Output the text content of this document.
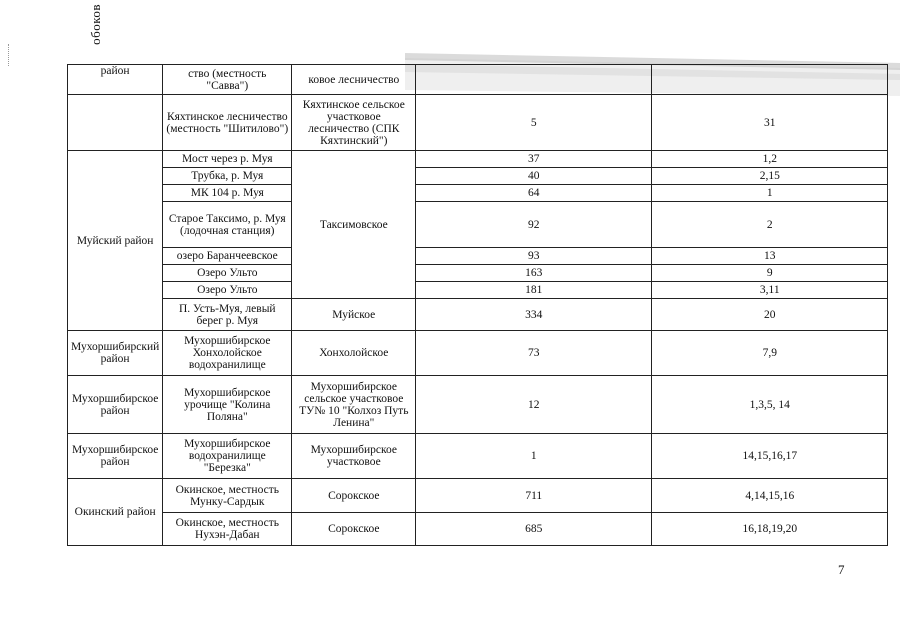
обоков
район	ство (местность "Савва")	ковое лесничество		
	Кяхтинское лесничество (местность "Шитилово")	Кяхтинское сельское участковое лесничество (СПК Кяхтинский")	5	31
Муйский район	Мост через р. Муя	Таксимовское	37	1,2
	Трубка, р. Муя		40	2,15
	МК 104 р. Муя		64	1
	Старое Таксимо, р. Муя (лодочная станция)		92	2
	озеро Баранчеевское		93	13
	Озеро Ульто		163	9
	Озеро Ульто		181	3,11
	П. Усть-Муя, левый берег р. Муя	Муйское	334	20
Мухоршибирский район	Мухоршибирское Хонхолойское водохранилище	Хонхолойское	73	7,9
Мухоршибирское район	Мухоршибирское урочище "Колина Поляна"	Мухоршибирское сельское участковое ТУ№ 10 "Колхоз Путь Ленина"	12	1,3,5, 14
Мухоршибирское район	Мухоршибирское водохранилище "Березка"	Мухоршибирское участковое	1	14,15,16,17
Окинский район	Окинское, местность Мунку-Сардык	Сорокское	711	4,14,15,16
	Окинское, местность Нухэн-Дабан	Сорокское	685	16,18,19,20
7
